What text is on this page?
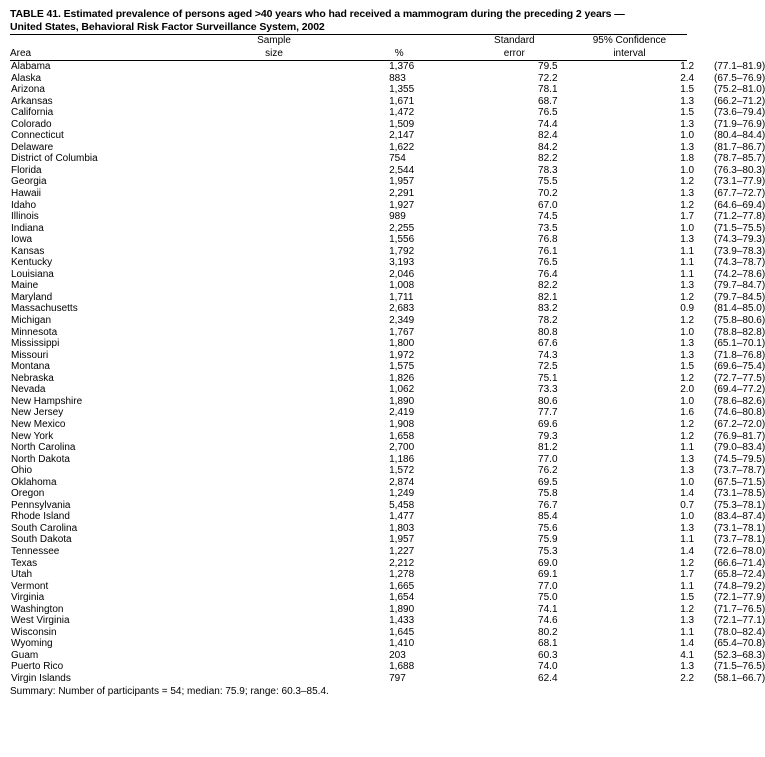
TABLE 41. Estimated prevalence of persons aged >40 years who had received a mammogram during the preceding 2 years —
United States, Behavioral Risk Factor Surveillance System, 2002
	Sample		Standard	95% Confidence
Area	size	%	error	interval
Alabama	1,376	79.5	1.2	(77.1–81.9)
Alaska	883	72.2	2.4	(67.5–76.9)
Arizona	1,355	78.1	1.5	(75.2–81.0)
Arkansas	1,671	68.7	1.3	(66.2–71.2)
California	1,472	76.5	1.5	(73.6–79.4)
Colorado	1,509	74.4	1.3	(71.9–76.9)
Connecticut	2,147	82.4	1.0	(80.4–84.4)
Delaware	1,622	84.2	1.3	(81.7–86.7)
District of Columbia	754	82.2	1.8	(78.7–85.7)
Florida	2,544	78.3	1.0	(76.3–80.3)
Georgia	1,957	75.5	1.2	(73.1–77.9)
Hawaii	2,291	70.2	1.3	(67.7–72.7)
Idaho	1,927	67.0	1.2	(64.6–69.4)
Illinois	989	74.5	1.7	(71.2–77.8)
Indiana	2,255	73.5	1.0	(71.5–75.5)
Iowa	1,556	76.8	1.3	(74.3–79.3)
Kansas	1,792	76.1	1.1	(73.9–78.3)
Kentucky	3,193	76.5	1.1	(74.3–78.7)
Louisiana	2,046	76.4	1.1	(74.2–78.6)
Maine	1,008	82.2	1.3	(79.7–84.7)
Maryland	1,711	82.1	1.2	(79.7–84.5)
Massachusetts	2,683	83.2	0.9	(81.4–85.0)
Michigan	2,349	78.2	1.2	(75.8–80.6)
Minnesota	1,767	80.8	1.0	(78.8–82.8)
Mississippi	1,800	67.6	1.3	(65.1–70.1)
Missouri	1,972	74.3	1.3	(71.8–76.8)
Montana	1,575	72.5	1.5	(69.6–75.4)
Nebraska	1,826	75.1	1.2	(72.7–77.5)
Nevada	1,062	73.3	2.0	(69.4–77.2)
New Hampshire	1,890	80.6	1.0	(78.6–82.6)
New Jersey	2,419	77.7	1.6	(74.6–80.8)
New Mexico	1,908	69.6	1.2	(67.2–72.0)
New York	1,658	79.3	1.2	(76.9–81.7)
North Carolina	2,700	81.2	1.1	(79.0–83.4)
North Dakota	1,186	77.0	1.3	(74.5–79.5)
Ohio	1,572	76.2	1.3	(73.7–78.7)
Oklahoma	2,874	69.5	1.0	(67.5–71.5)
Oregon	1,249	75.8	1.4	(73.1–78.5)
Pennsylvania	5,458	76.7	0.7	(75.3–78.1)
Rhode Island	1,477	85.4	1.0	(83.4–87.4)
South Carolina	1,803	75.6	1.3	(73.1–78.1)
South Dakota	1,957	75.9	1.1	(73.7–78.1)
Tennessee	1,227	75.3	1.4	(72.6–78.0)
Texas	2,212	69.0	1.2	(66.6–71.4)
Utah	1,278	69.1	1.7	(65.8–72.4)
Vermont	1,665	77.0	1.1	(74.8–79.2)
Virginia	1,654	75.0	1.5	(72.1–77.9)
Washington	1,890	74.1	1.2	(71.7–76.5)
West Virginia	1,433	74.6	1.3	(72.1–77.1)
Wisconsin	1,645	80.2	1.1	(78.0–82.4)
Wyoming	1,410	68.1	1.4	(65.4–70.8)
Guam	203	60.3	4.1	(52.3–68.3)
Puerto Rico	1,688	74.0	1.3	(71.5–76.5)
Virgin Islands	797	62.4	2.2	(58.1–66.7)
Summary: Number of participants = 54; median: 75.9; range: 60.3–85.4.
